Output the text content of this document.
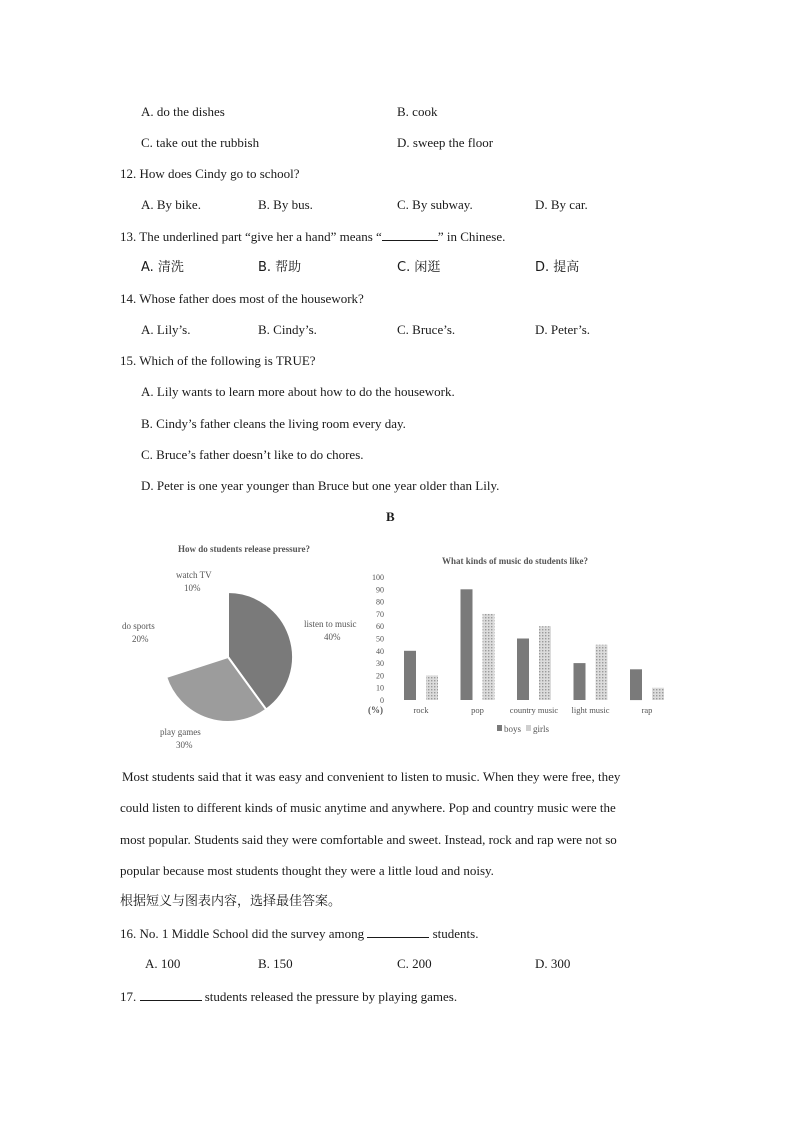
A. do the dishes	B. cook
C. take out the rubbish	D. sweep the floor
12. How does Cindy go to school?
A. By bike.	B. By bus.	C. By subway.	D. By car.
13. The underlined part “give her a hand” means “	” in Chinese.
A. 清洗	B. 帮助	C. 闲逛	D. 提高
14. Whose father does most of the housework?
A. Lily’s.	B. Cindy’s.	C. Bruce’s.	D. Peter’s.
15. Which of the following is TRUE?
A. Lily wants to learn more about how to do the housework.
B. Cindy’s father cleans the living room every day.
C. Bruce’s father doesn’t like to do chores.
D. Peter is one year younger than Bruce but one year older than Lily.
B
How do students release pressure?
watch TV
10%
do sports
20%
listen to music
40%
play games
30%
What kinds of music do students like?
100
90
80
70
60
50
40
30
20
10
0
rock	pop	country music light music	rap
(%)
boys girls
Most students said that it was easy and convenient to listen to music. When they were free, they
could listen to different kinds of music anytime and anywhere. Pop and country music were the
most popular. Students said they were comfortable and sweet. Instead, rock and rap were not so
popular because most students thought they were a little loud and noisy.
根据短义与图表内容，选择最佳答案。
16. No. 1 Middle School did the survey among	students.
A. 100	B. 150	C. 200	D. 300
17.	students released the pressure by playing games.
